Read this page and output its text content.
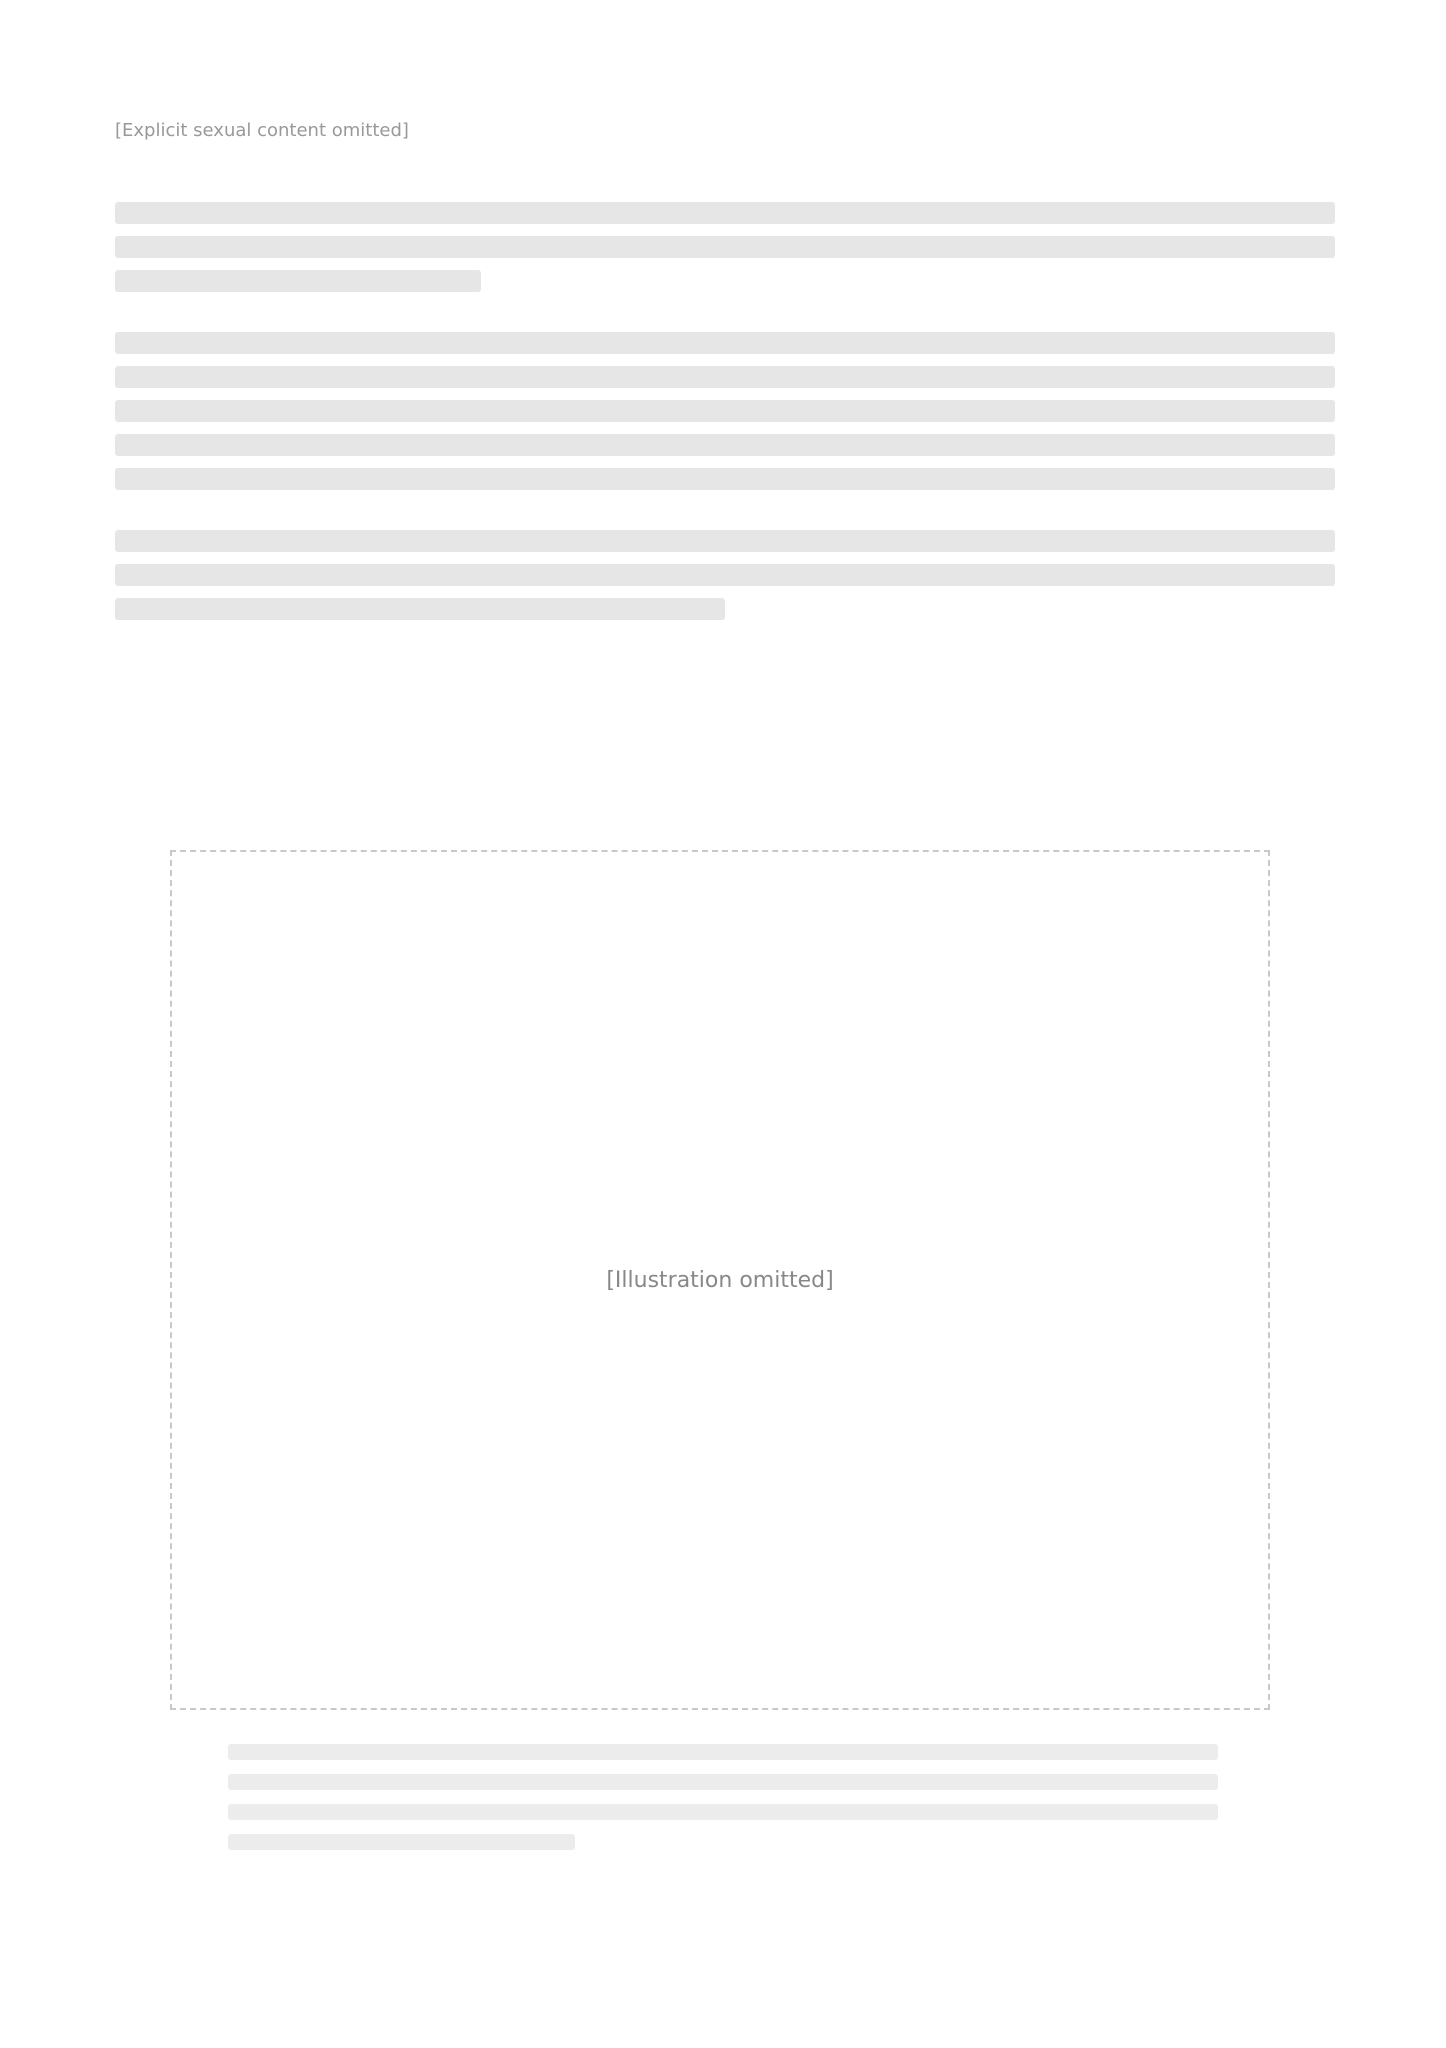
[Explicit sexual content omitted]

[Illustration omitted]
